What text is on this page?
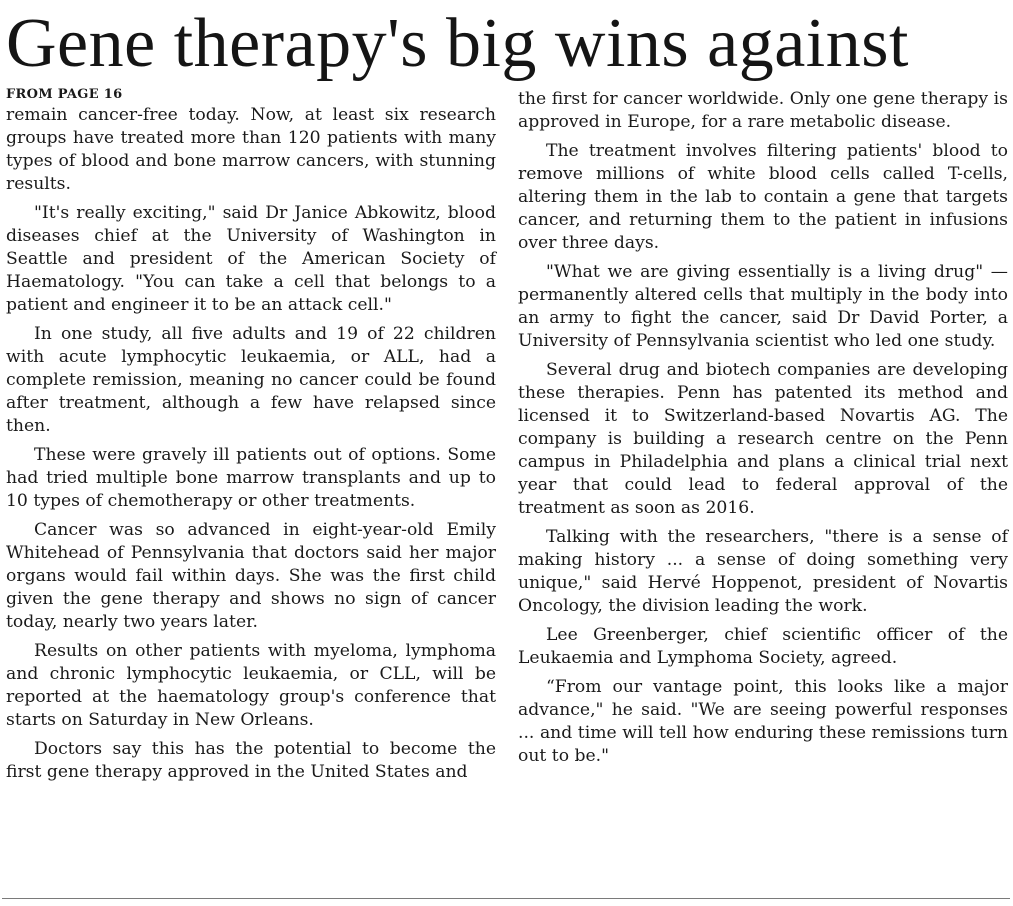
Gene therapy's big wins against
FROM PAGE 16

remain cancer-free today. Now, at least six research groups have treated more than 120 patients with many types of blood and bone marrow cancers, with stunning results.

"It's really exciting," said Dr Janice Abkowitz, blood diseases chief at the University of Washington in Seattle and president of the American Society of Haematology. "You can take a cell that belongs to a patient and engineer it to be an attack cell."

In one study, all five adults and 19 of 22 children with acute lymphocytic leukaemia, or ALL, had a complete remission, meaning no cancer could be found after treatment, although a few have relapsed since then.

These were gravely ill patients out of options. Some had tried multiple bone marrow transplants and up to 10 types of chemotherapy or other treatments.

Cancer was so advanced in eight-year-old Emily Whitehead of Pennsylvania that doctors said her major organs would fail within days. She was the first child given the gene therapy and shows no sign of cancer today, nearly two years later.

Results on other patients with myeloma, lymphoma and chronic lymphocytic leukaemia, or CLL, will be reported at the haematology group's conference that starts on Saturday in New Orleans.

Doctors say this has the potential to become the first gene therapy approved in the United States and

the first for cancer worldwide. Only one gene therapy is approved in Europe, for a rare metabolic disease.

The treatment involves filtering patients' blood to remove millions of white blood cells called T-cells, altering them in the lab to contain a gene that targets cancer, and returning them to the patient in infusions over three days.

"What we are giving essentially is a living drug" — permanently altered cells that multiply in the body into an army to fight the cancer, said Dr David Porter, a University of Pennsylvania scientist who led one study.

Several drug and biotech companies are developing these therapies. Penn has patented its method and licensed it to Switzerland-based Novartis AG. The company is building a research centre on the Penn campus in Philadelphia and plans a clinical trial next year that could lead to federal approval of the treatment as soon as 2016.

Talking with the researchers, "there is a sense of making history ... a sense of doing something very unique," said Hervé Hoppenot, president of Novartis Oncology, the division leading the work.

Lee Greenberger, chief scientific officer of the Leukaemia and Lymphoma Society, agreed.

“From our vantage point, this looks like a major advance," he said. "We are seeing powerful responses ... and time will tell how enduring these remissions turn out to be."
